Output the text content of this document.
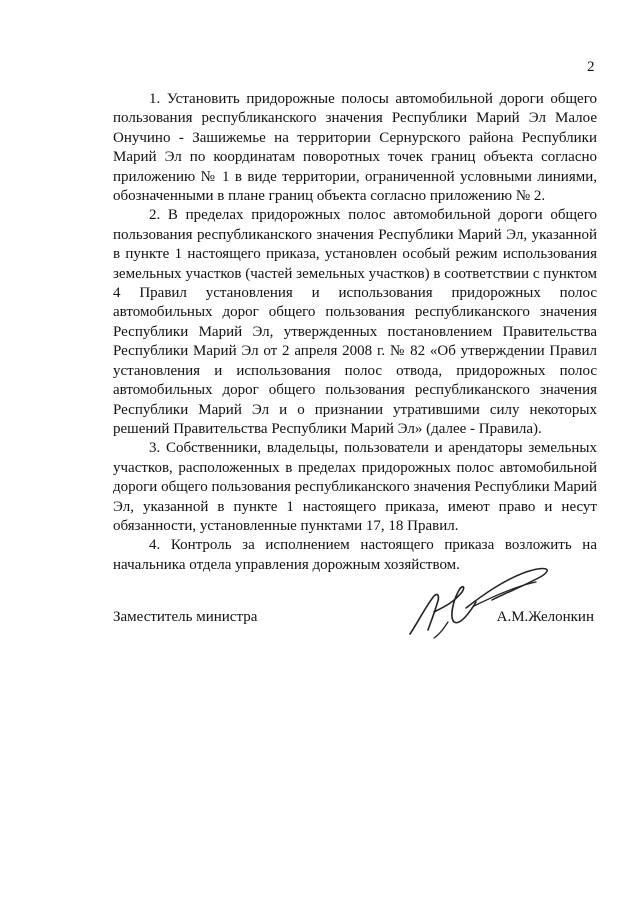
2

1. Установить придорожные полосы автомобильной дороги общего пользования республиканского значения Республики Марий Эл Малое Онучино - Зашижемье на территории Сернурского района Республики Марий Эл по координатам поворотных точек границ объекта согласно приложению № 1 в виде территории, ограниченной условными линиями, обозначенными в плане границ объекта согласно приложению № 2.

2. В пределах придорожных полос автомобильной дороги общего пользования республиканского значения Республики Марий Эл, указанной в пункте 1 настоящего приказа, установлен особый режим использования земельных участков (частей земельных участков) в соответствии с пунктом 4 Правил установления и использования придорожных полос автомобильных дорог общего пользования республиканского значения Республики Марий Эл, утвержденных постановлением Правительства Республики Марий Эл от 2 апреля 2008 г. № 82 «Об утверждении Правил установления и использования полос отвода, придорожных полос автомобильных дорог общего пользования республиканского значения Республики Марий Эл и о признании утратившими силу некоторых решений Правительства Республики Марий Эл» (далее - Правила).

3. Собственники, владельцы, пользователи и арендаторы земельных участков, расположенных в пределах придорожных полос автомобильной дороги общего пользования республиканского значения Республики Марий Эл, указанной в пункте 1 настоящего приказа, имеют право и несут обязанности, установленные пунктами 17, 18 Правил.

4. Контроль за исполнением настоящего приказа возложить на начальника отдела управления дорожным хозяйством.

Заместитель министра	А.М.Желонкин
